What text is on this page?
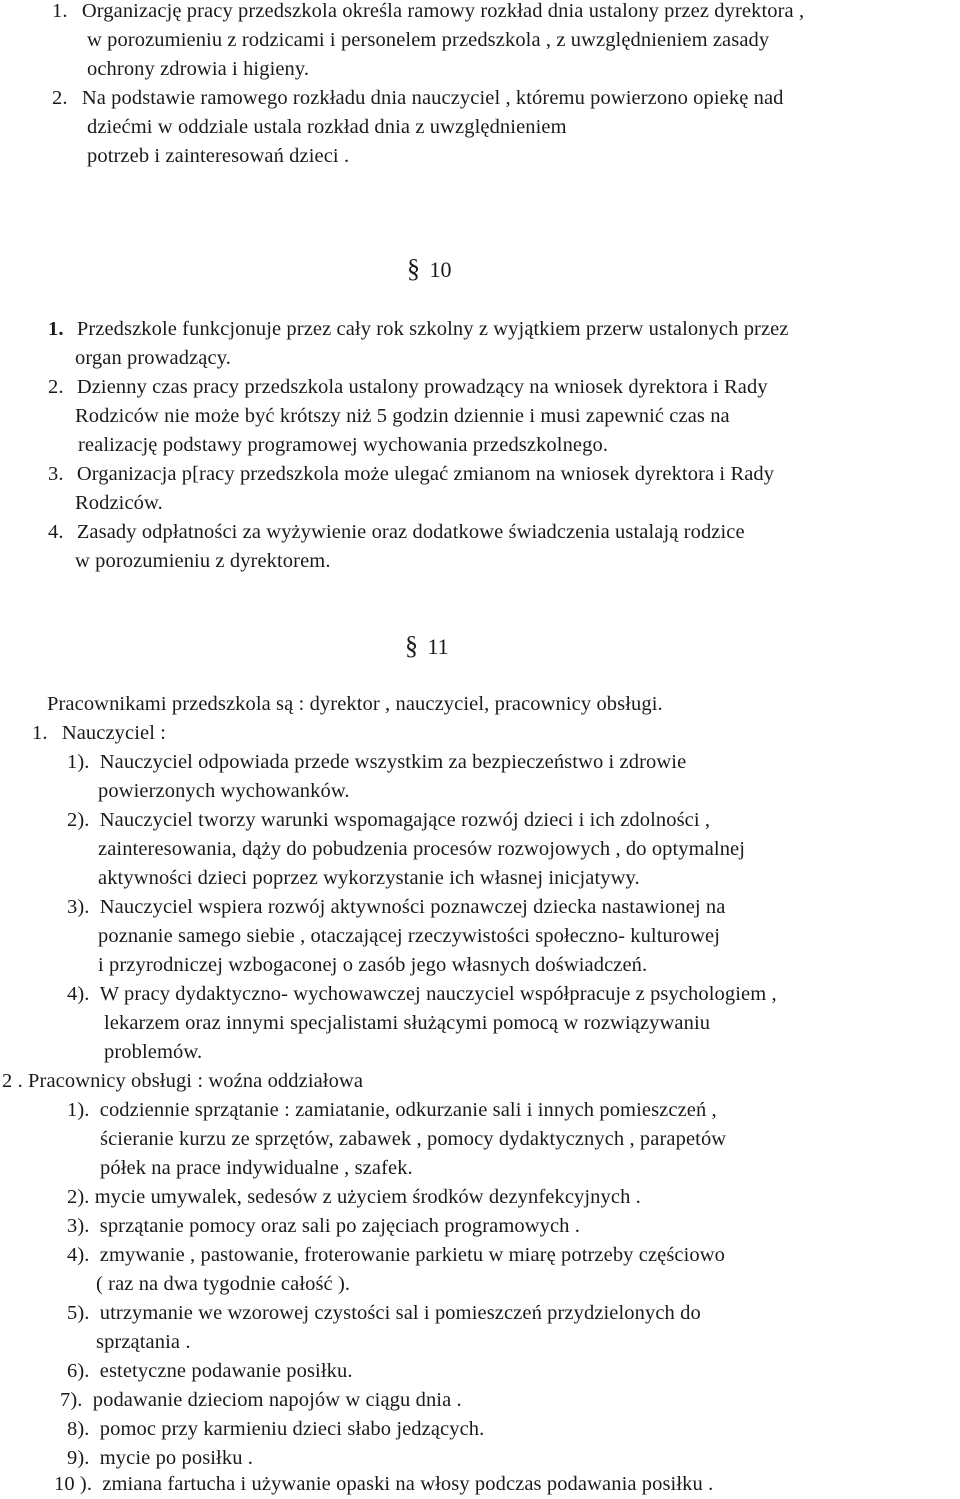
1. Organizację pracy przedszkola określa ramowy rozkład dnia ustalony przez dyrektora ,
w porozumieniu z rodzicami i personelem przedszkola , z uwzględnieniem zasady
ochrony zdrowia i higieny.
2. Na podstawie ramowego rozkładu dnia nauczyciel , któremu powierzono opiekę nad
dziećmi w oddziale ustala rozkład dnia z uwzględnieniem
potrzeb i zainteresowań dzieci .
§ 10
1. Przedszkole funkcjonuje przez cały rok szkolny z wyjątkiem przerw ustalonych przez
organ prowadzący.
2. Dzienny czas pracy przedszkola ustalony prowadzący na wniosek dyrektora i Rady
Rodziców nie może być krótszy niż 5 godzin dziennie i musi zapewnić czas na
realizację podstawy programowej wychowania przedszkolnego.
3. Organizacja p[racy przedszkola może ulegać zmianom na wniosek dyrektora i Rady
Rodziców.
4. Zasady odpłatności za wyżywienie oraz dodatkowe świadczenia ustalają rodzice
w porozumieniu z dyrektorem.
§ 11
Pracownikami przedszkola są : dyrektor , nauczyciel, pracownicy obsługi.
1. Nauczyciel :
1). Nauczyciel odpowiada przede wszystkim za bezpieczeństwo i zdrowie
powierzonych wychowanków.
2). Nauczyciel tworzy warunki wspomagające rozwój dzieci i ich zdolności ,
zainteresowania, dąży do pobudzenia procesów rozwojowych , do optymalnej
aktywności dzieci poprzez wykorzystanie ich własnej inicjatywy.
3). Nauczyciel wspiera rozwój aktywności poznawczej dziecka nastawionej na
poznanie samego siebie , otaczającej rzeczywistości społeczno- kulturowej
i przyrodniczej wzbogaconej o zasób jego własnych doświadczeń.
4). W pracy dydaktyczno- wychowawczej nauczyciel współpracuje z psychologiem ,
lekarzem oraz innymi specjalistami służącymi pomocą w rozwiązywaniu
problemów.
2 . Pracownicy obsługi : woźna oddziałowa
1). codziennie sprzątanie : zamiatanie, odkurzanie sali i innych pomieszczeń ,
ścieranie kurzu ze sprzętów, zabawek , pomocy dydaktycznych , parapetów
półek na prace indywidualne , szafek.
2). mycie umywalek, sedesów z użyciem środków dezynfekcyjnych .
3). sprzątanie pomocy oraz sali po zajęciach programowych .
4). zmywanie , pastowanie, froterowanie parkietu w miarę potrzeby częściowo
( raz na dwa tygodnie całość ).
5). utrzymanie we wzorowej czystości sal i pomieszczeń przydzielonych do
sprzątania .
6). estetyczne podawanie posiłku.
7). podawanie dzieciom napojów w ciągu dnia .
8). pomoc przy karmieniu dzieci słabo jedzących.
9). mycie po posiłku .
10 ). zmiana fartucha i używanie opaski na włosy podczas podawania posiłku .
